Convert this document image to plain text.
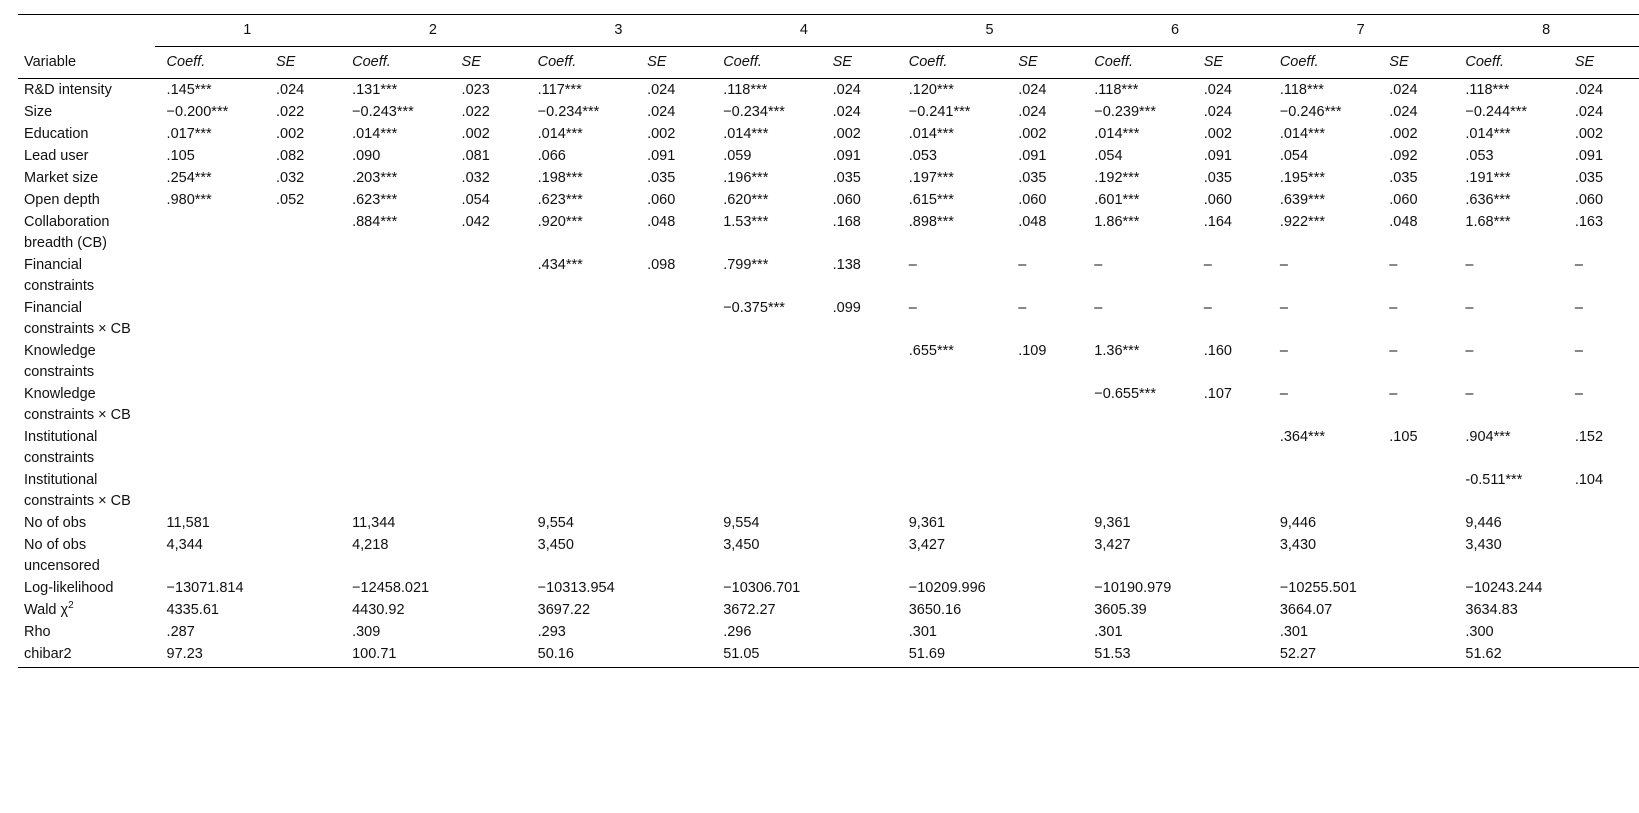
	1		2		3		4		5		6		7		8	
Variable	Coeff.	SE	Coeff.	SE	Coeff.	SE	Coeff.	SE	Coeff.	SE	Coeff.	SE	Coeff.	SE	Coeff.	SE
R&D intensity	.145***	.024	.131***	.023	.117***	.024	.118***	.024	.120***	.024	.118***	.024	.118***	.024	.118***	.024
Size	−0.200***	.022	−0.243***	.022	−0.234***	.024	−0.234***	.024	−0.241***	.024	−0.239***	.024	−0.246***	.024	−0.244***	.024
Education	.017***	.002	.014***	.002	.014***	.002	.014***	.002	.014***	.002	.014***	.002	.014***	.002	.014***	.002
Lead user	.105	.082	.090	.081	.066	.091	.059	.091	.053	.091	.054	.091	.054	.092	.053	.091
Market size	.254***	.032	.203***	.032	.198***	.035	.196***	.035	.197***	.035	.192***	.035	.195***	.035	.191***	.035
Open depth	.980***	.052	.623***	.054	.623***	.060	.620***	.060	.615***	.060	.601***	.060	.639***	.060	.636***	.060
Collaboration breadth (CB)			.884***	.042	.920***	.048	1.53***	.168	.898***	.048	1.86***	.164	.922***	.048	1.68***	.163
Financial constraints					.434***	.098	.799***	.138	–	–	–	–	–	–	–	–
Financial constraints × CB							−0.375***	.099	–	–	–	–	–	–	–	–
Knowledge constraints									.655***	.109	1.36***	.160	–	–	–	–
Knowledge constraints × CB											−0.655***	.107	–	–	–	–
Institutional constraints													.364***	.105	.904***	.152
Institutional constraints × CB															-0.511***	.104
No of obs	11,581		11,344		9,554		9,554		9,361		9,361		9,446		9,446	
No of obs uncensored	4,344		4,218		3,450		3,450		3,427		3,427		3,430		3,430	
Log-likelihood	−13071.814		−12458.021		−10313.954		−10306.701		−10209.996		−10190.979		−10255.501		−10243.244	
Wald $\chi^2$	4335.61		4430.92		3697.22		3672.27		3650.16		3605.39		3664.07		3634.83	
Rho	.287		.309		.293		.296		.301		.301		.301		.300	
chibar2	97.23		100.71		50.16		51.05		51.69		51.53		52.27		51.62	
